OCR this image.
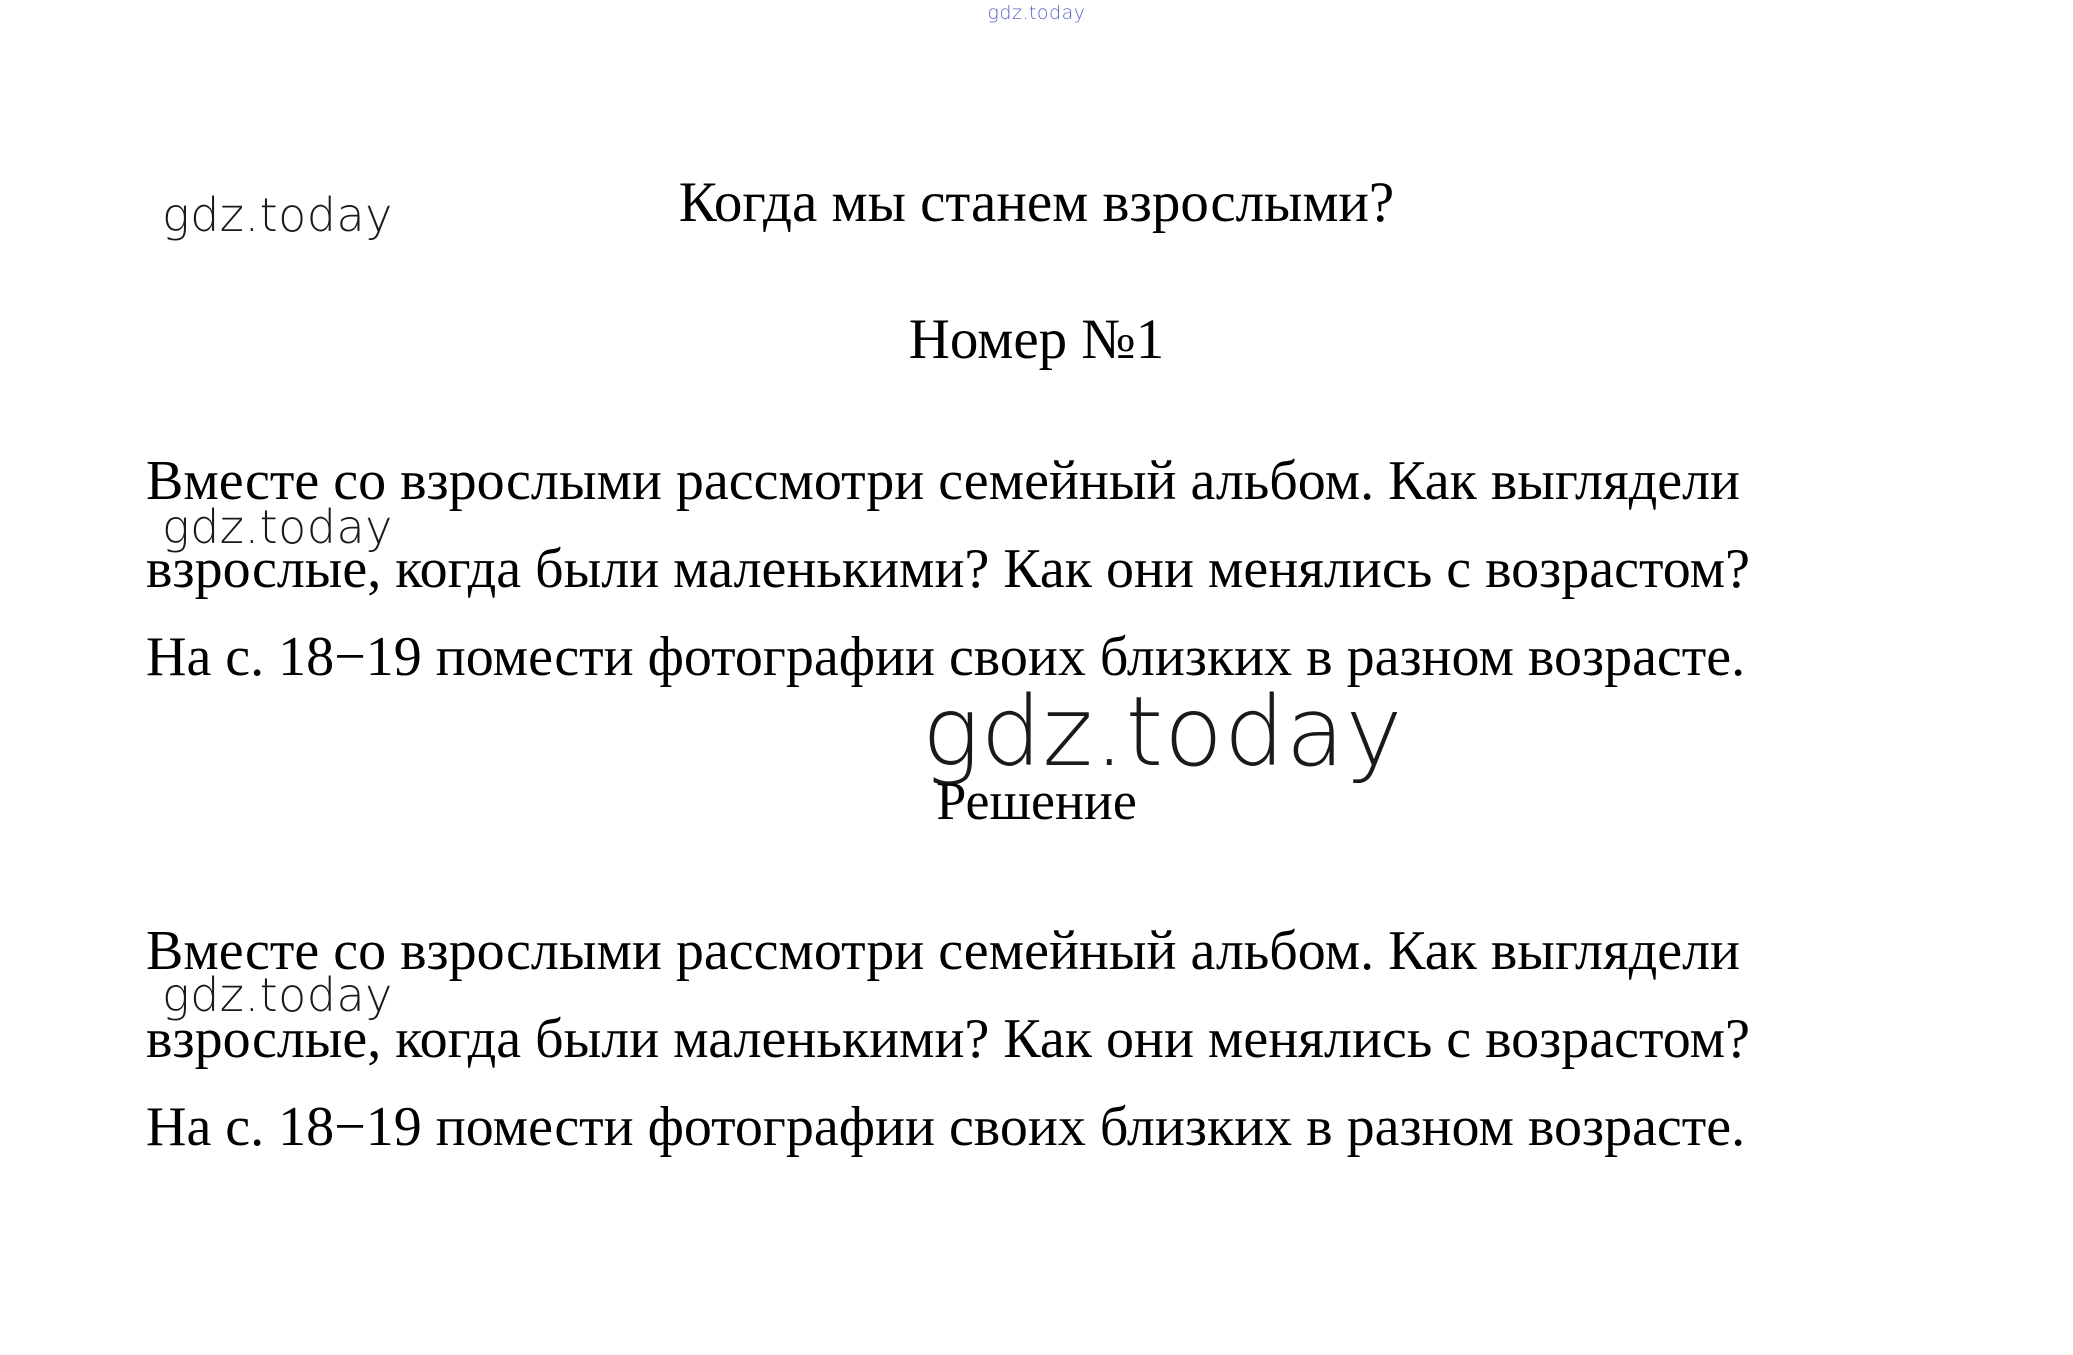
gdz.today
Когда мы станем взрослыми?
gdz.today
Номер №1
Вместе со взрослыми рассмотри семейный альбом. Как выглядели
взрослые, когда были маленькими? Как они менялись с возрастом?
На с. 18−19 помести фотографии своих близких в разном возрасте.
gdz.today
gdz.today
Решение
Вместе со взрослыми рассмотри семейный альбом. Как выглядели
взрослые, когда были маленькими? Как они менялись с возрастом?
На с. 18−19 помести фотографии своих близких в разном возрасте.
gdz.today
